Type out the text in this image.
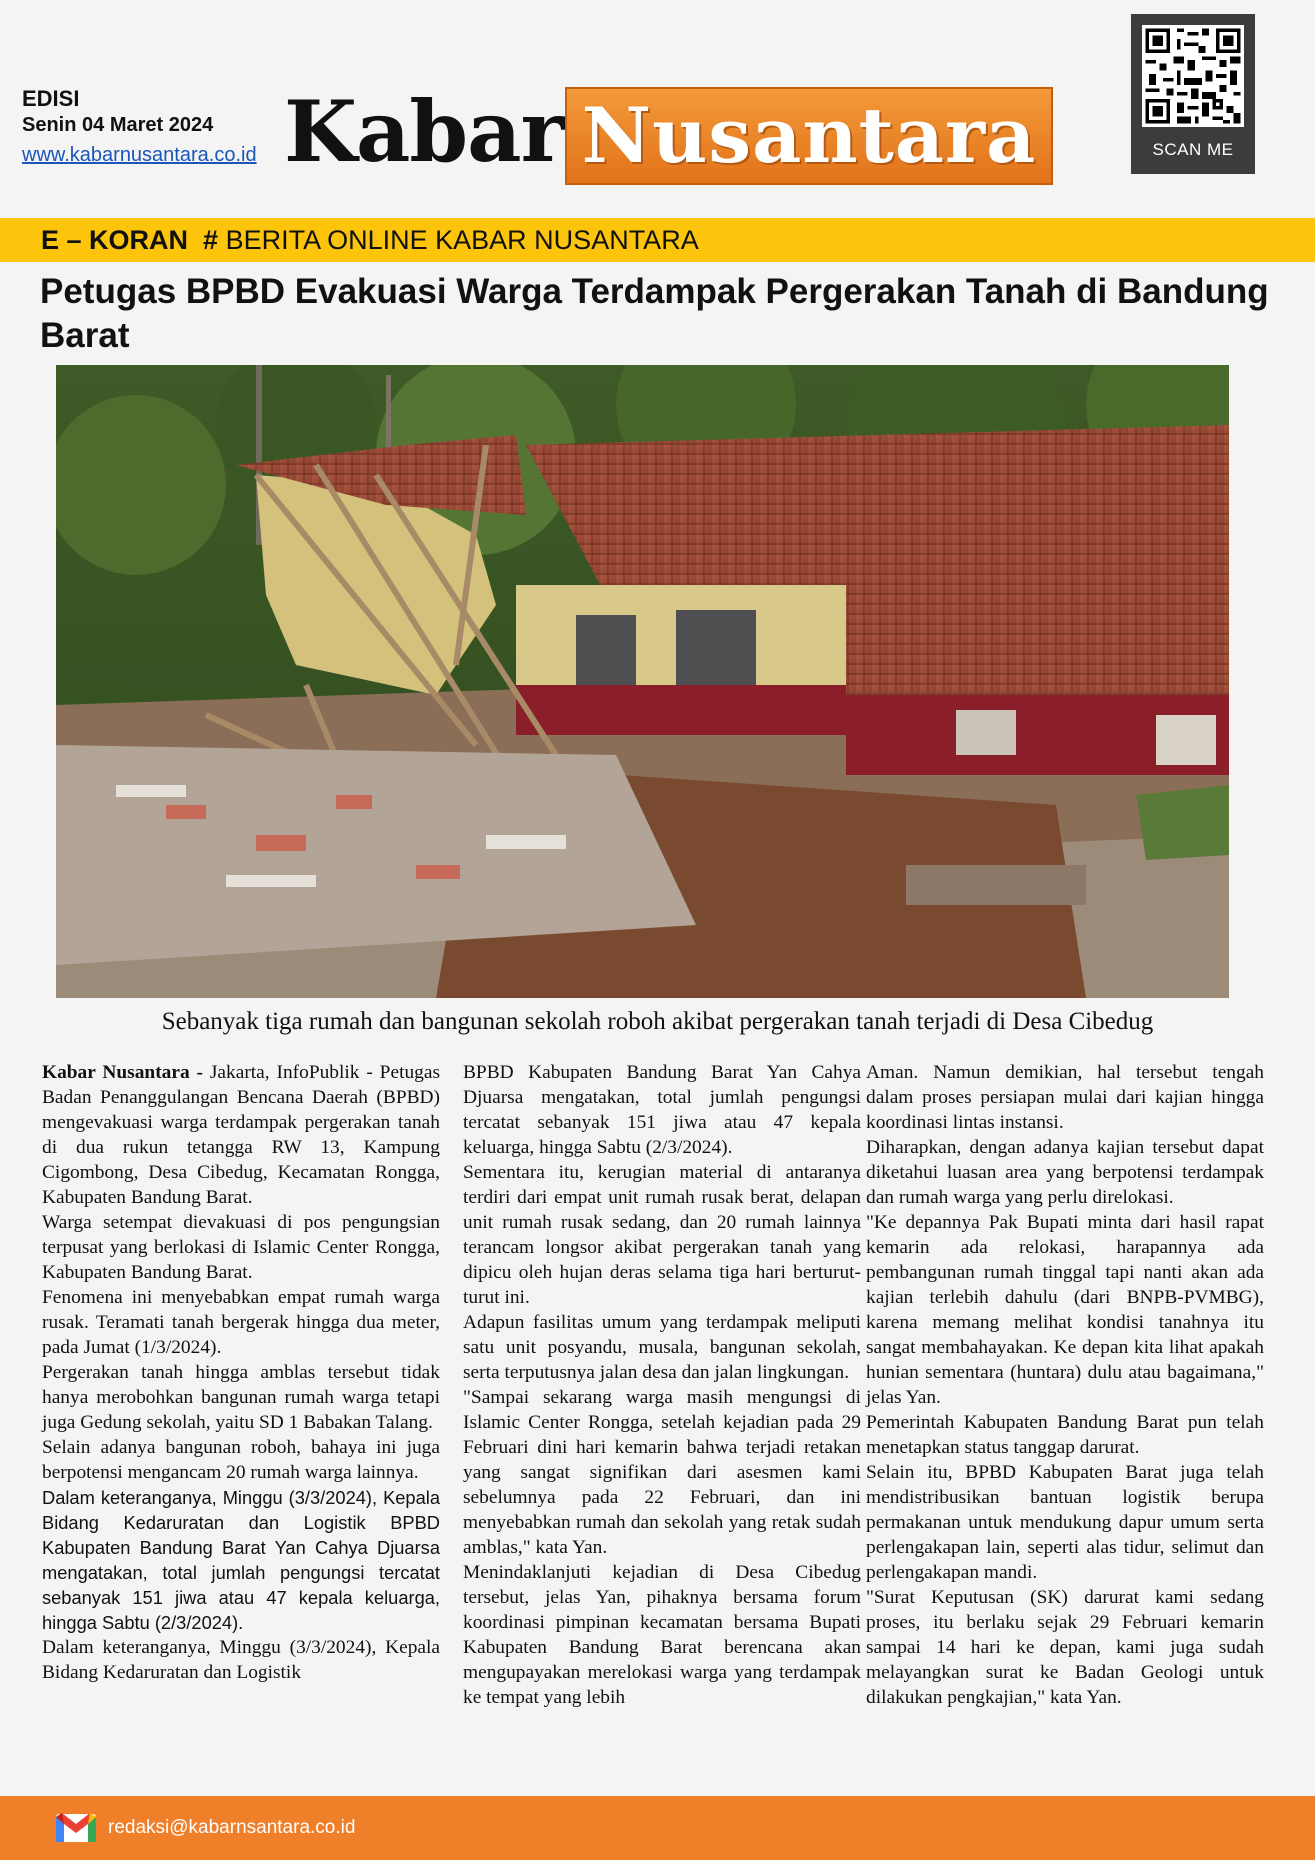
EDISI
Senin 04 Maret 2024
www.kabarnusantara.co.id Kabar Nusantara	SCAN ME
E – KORAN # BERITA ONLINE KABAR NUSANTARA
Petugas BPBD Evakuasi Warga Terdampak Pergerakan Tanah di Bandung Barat
Sebanyak tiga rumah dan bangunan sekolah roboh akibat pergerakan tanah terjadi di Desa Cibedug

Kabar Nusantara - Jakarta, InfoPublik - Petugas Badan Penanggulangan Bencana Daerah (BPBD) mengevakuasi warga terdampak pergerakan tanah di dua rukun tetangga RW 13, Kampung Cigombong, Desa Cibedug, Kecamatan Rongga, Kabupaten Bandung Barat.

Warga setempat dievakuasi di pos pengungsian terpusat yang berlokasi di Islamic Center Rongga, Kabupaten Bandung Barat.

Fenomena ini menyebabkan empat rumah warga rusak. Teramati tanah bergerak hingga dua meter, pada Jumat (1/3/2024).

Pergerakan tanah hingga amblas tersebut tidak hanya merobohkan bangunan rumah warga tetapi juga Gedung sekolah, yaitu SD 1 Babakan Talang.

Selain adanya bangunan roboh, bahaya ini juga berpotensi mengancam 20 rumah warga lainnya.

Dalam keteranganya, Minggu (3/3/2024), Kepala Bidang Kedaruratan dan Logistik BPBD Kabupaten Bandung Barat Yan Cahya Djuarsa mengatakan, total jumlah pengungsi tercatat sebanyak 151 jiwa atau 47 kepala keluarga, hingga Sabtu (2/3/2024).

Dalam keteranganya, Minggu (3/3/2024), Kepala Bidang Kedaruratan dan Logistik

BPBD Kabupaten Bandung Barat Yan Cahya Djuarsa mengatakan, total jumlah pengungsi tercatat sebanyak 151 jiwa atau 47 kepala keluarga, hingga Sabtu (2/3/2024).

Sementara itu, kerugian material di antaranya terdiri dari empat unit rumah rusak berat, delapan unit rumah rusak sedang, dan 20 rumah lainnya terancam longsor akibat pergerakan tanah yang dipicu oleh hujan deras selama tiga hari berturut-turut ini.

Adapun fasilitas umum yang terdampak meliputi satu unit posyandu, musala, bangunan sekolah, serta terputusnya jalan desa dan jalan lingkungan.

"Sampai sekarang warga masih mengungsi di Islamic Center Rongga, setelah kejadian pada 29 Februari dini hari kemarin bahwa terjadi retakan yang sangat signifikan dari asesmen kami sebelumnya pada 22 Februari, dan ini menyebabkan rumah dan sekolah yang retak sudah amblas," kata Yan.

Menindaklanjuti kejadian di Desa Cibedug tersebut, jelas Yan, pihaknya bersama forum koordinasi pimpinan kecamatan bersama Bupati Kabupaten Bandung Barat berencana akan mengupayakan merelokasi warga yang terdampak ke tempat yang lebih

Aman. Namun demikian, hal tersebut tengah dalam proses persiapan mulai dari kajian hingga koordinasi lintas instansi.

Diharapkan, dengan adanya kajian tersebut dapat diketahui luasan area yang berpotensi terdampak dan rumah warga yang perlu direlokasi.

"Ke depannya Pak Bupati minta dari hasil rapat kemarin ada relokasi, harapannya ada pembangunan rumah tinggal tapi nanti akan ada kajian terlebih dahulu (dari BNPB-PVMBG), karena memang melihat kondisi tanahnya itu sangat membahayakan. Ke depan kita lihat apakah hunian sementara (huntara) dulu atau bagaimana," jelas Yan.

Pemerintah Kabupaten Bandung Barat pun telah menetapkan status tanggap darurat.

Selain itu, BPBD Kabupaten Barat juga telah mendistribusikan bantuan logistik berupa permakanan untuk mendukung dapur umum serta perlengakapan lain, seperti alas tidur, selimut dan perlengakapan mandi.

"Surat Keputusan (SK) darurat kami sedang proses, itu berlaku sejak 29 Februari kemarin sampai 14 hari ke depan, kami juga sudah melayangkan surat ke Badan Geologi untuk dilakukan pengkajian," kata Yan.

redaksi@kabarnsantara.co.id
